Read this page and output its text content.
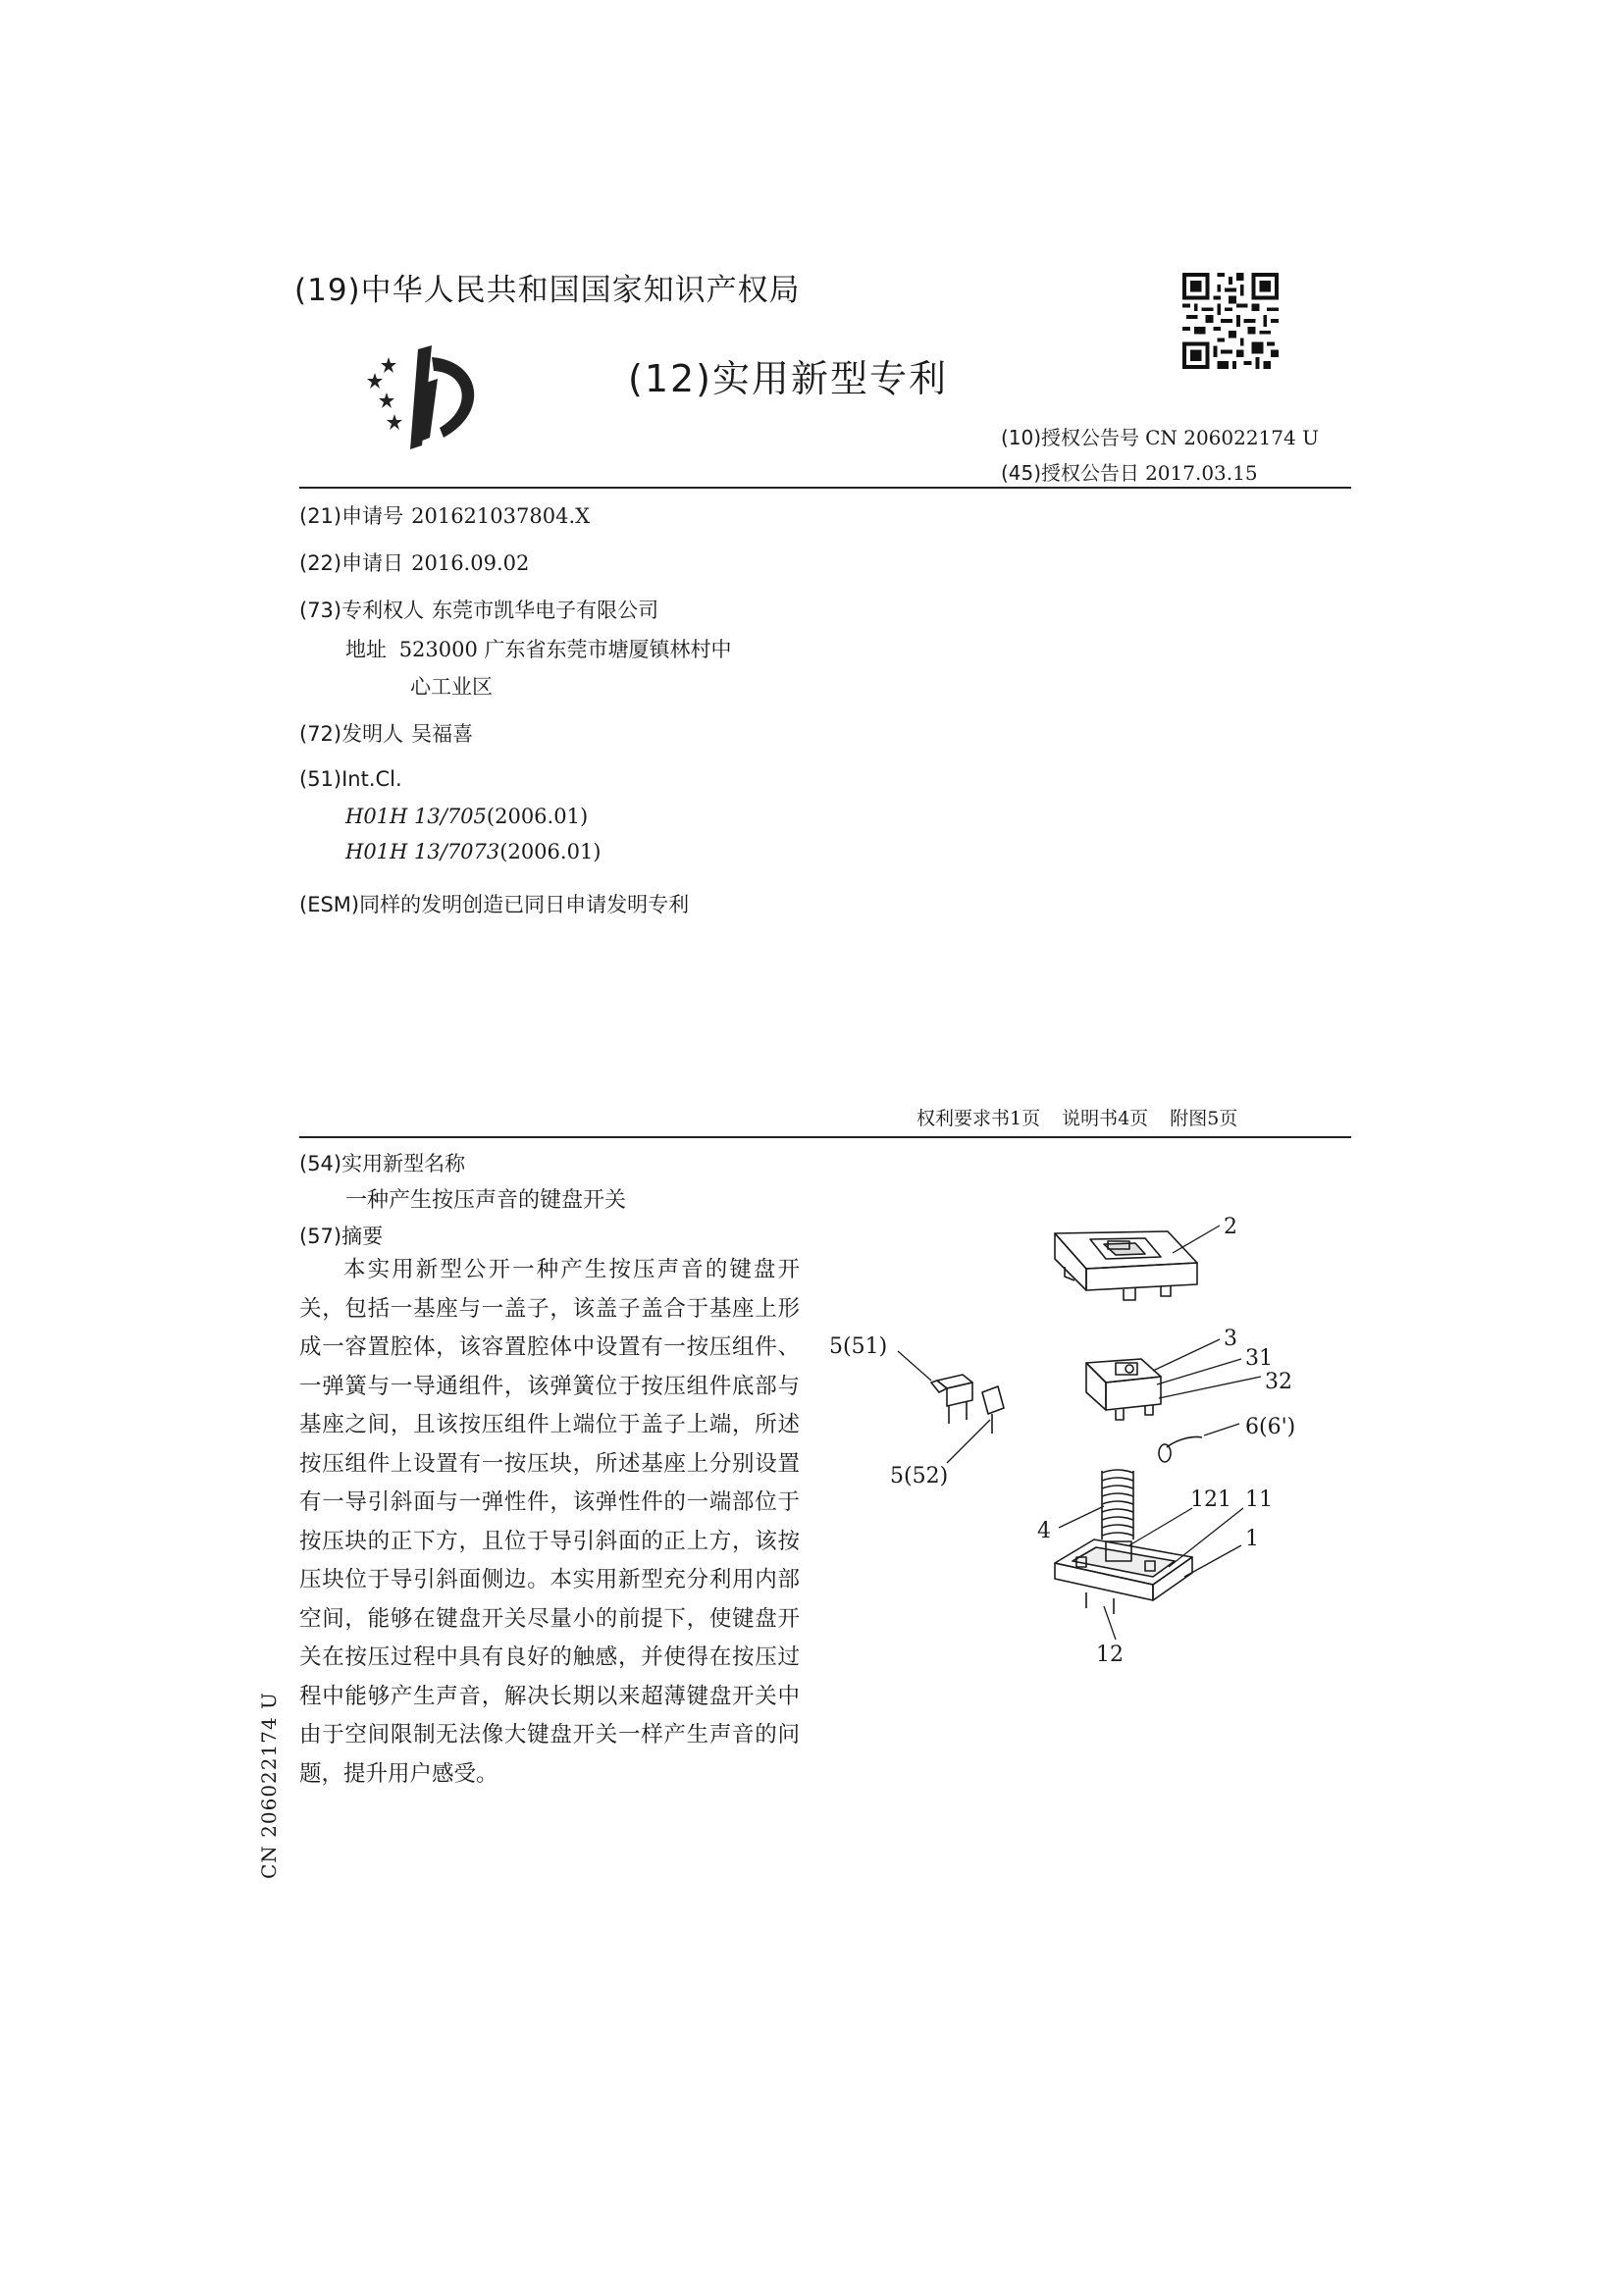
(19)中华人民共和国国家知识产权局
(12)实用新型专利
(10)授权公告号 CN 206022174 U
(45)授权公告日 2017.03.15
(21)申请号 201621037804.X
(22)申请日 2016.09.02
(73)专利权人 东莞市凯华电子有限公司
地址 523000 广东省东莞市塘厦镇林村中
心工业区
(72)发明人 吴福喜
(51)Int.Cl.
H01H 13/705(2006.01)
H01H 13/7073(2006.01)
(ESM)同样的发明创造已同日申请发明专利
权利要求书1页 说明书4页 附图5页
(54)实用新型名称
一种产生按压声音的键盘开关
(57)摘要
本实用新型公开一种产生按压声音的键盘开关，包括一基座与一盖子，该盖子盖合于基座上形成一容置腔体，该容置腔体中设置有一按压组件、一弹簧与一导通组件，该弹簧位于按压组件底部与基座之间，且该按压组件上端位于盖子上端，所述按压组件上设置有一按压块，所述基座上分别设置有一导引斜面与一弹性件，该弹性件的一端部位于按压块的正下方，且位于导引斜面的正上方，该按压块位于导引斜面侧边。本实用新型充分利用内部空间，能够在键盘开关尽量小的前提下，使键盘开关在按压过程中具有良好的触感，并使得在按压过程中能够产生声音，解决长期以来超薄键盘开关中由于空间限制无法像大键盘开关一样产生声音的问题，提升用户感受。
CN 206022174 U
2
3
31
32
5(51)
5(52)
6(6')
4
121 11
1
12
